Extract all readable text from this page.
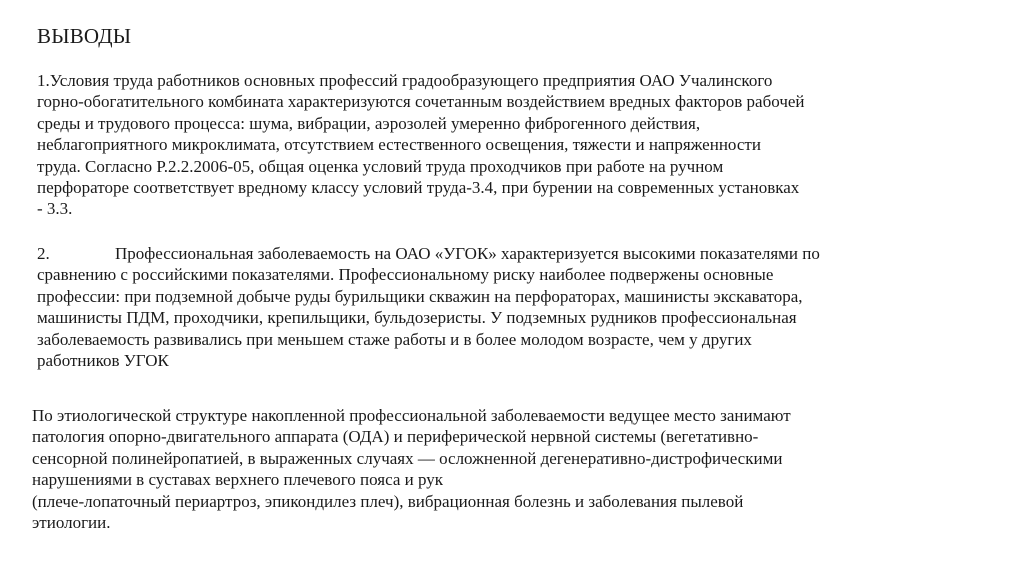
ВЫВОДЫ
1.Условия труда работников основных профессий градообразующего предприятия ОАО Учалинского
горно-обогатительного комбината характеризуются сочетанным воздействием вредных факторов рабочей
среды и трудового процесса: шума, вибрации, аэрозолей умеренно фиброгенного действия,
неблагоприятного микроклимата, отсутствием естественного освещения, тяжести и напряженности
труда. Согласно Р.2.2.2006-05, общая оценка условий труда проходчиков при работе на ручном
перфораторе соответствует вредному классу условий труда-3.4, при бурении на современных установках
- 3.3.
2.	Профессиональная заболеваемость на ОАО «УГОК» характеризуется высокими показателями по
сравнению с российскими показателями. Профессиональному риску наиболее подвержены основные
профессии: при подземной добыче руды бурильщики скважин на перфораторах, машинисты экскаватора,
машинисты ПДМ, проходчики, крепильщики, бульдозеристы. У подземных рудников профессиональная
заболеваемость развивались при меньшем стаже работы и в более молодом возрасте, чем у других
работников УГОК
По этиологической структуре накопленной профессиональной заболеваемости ведущее место занимают
патология опорно-двигательного аппарата (ОДА) и периферической нервной системы (вегетативно-
сенсорной полинейропатией, в выраженных случаях — осложненной дегенеративно-дистрофическими
нарушениями в суставах верхнего плечевого пояса и рук
(плече-лопаточный периартроз, эпикондилез плеч), вибрационная болезнь и заболевания пылевой
этиологии.
